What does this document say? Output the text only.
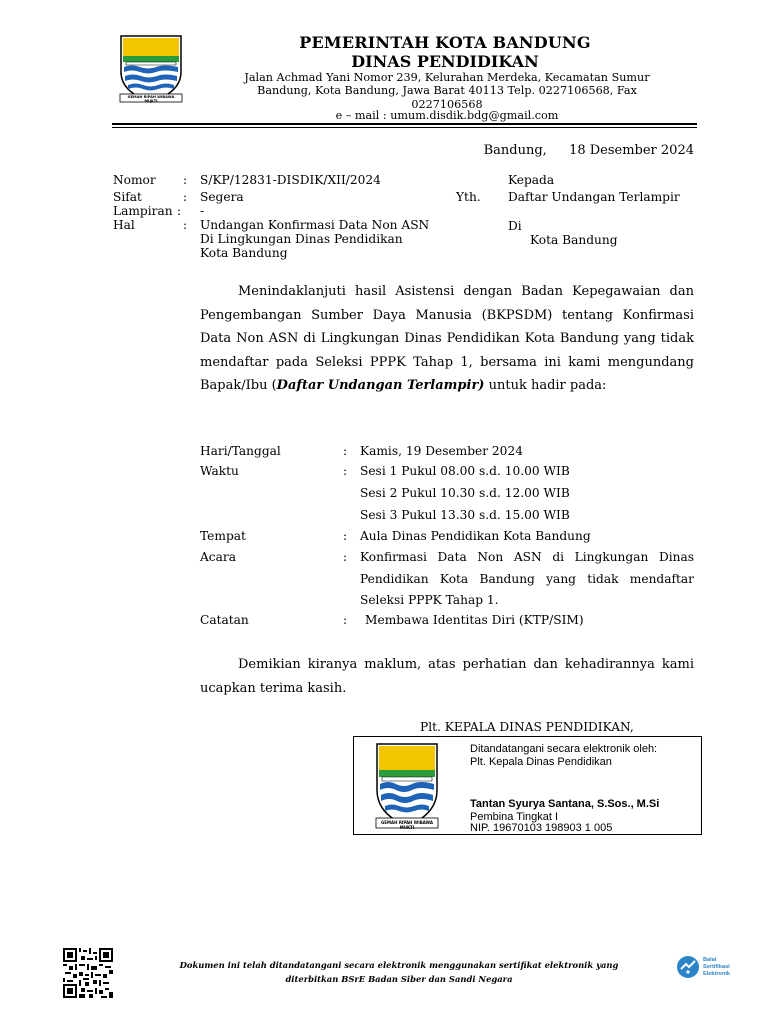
GEMAH RIPAH WIBAWA MUKTI
PEMERINTAH KOTA BANDUNG
DINAS PENDIDIKAN
Jalan Achmad Yani Nomor 239, Kelurahan Merdeka, Kecamatan Sumur
Bandung, Kota Bandung, Jawa Barat 40113 Telp. 0227106568, Fax
0227106568
e – mail : umum.disdik.bdg@gmail.com
Bandung, 18 Desember 2024
Nomor : S/KP/12831-DISDIK/XII/2024
Sifat	: Segera
Lampiran : -
Hal	: Undangan Konfirmasi Data Non ASN
Di Lingkungan Dinas Pendidikan
Kota Bandung
Kepada
Yth. Daftar Undangan Terlampir
Di
Kota Bandung

Menindaklanjuti hasil Asistensi dengan Badan Kepegawaian dan Pengembangan Sumber Daya Manusia (BKPSDM) tentang Konfirmasi Data Non ASN di Lingkungan Dinas Pendidikan Kota Bandung yang tidak mendaftar pada Seleksi PPPK Tahap 1, bersama ini kami mengundang Bapak/Ibu (Daftar Undangan Terlampir) untuk hadir pada:

Hari/Tanggal	: Kamis, 19 Desember 2024
Waktu	: Sesi 1 Pukul 08.00 s.d. 10.00 WIB
Sesi 2 Pukul 10.30 s.d. 12.00 WIB
Sesi 3 Pukul 13.30 s.d. 15.00 WIB
Tempat	: Aula Dinas Pendidikan Kota Bandung
Acara	: Konfirmasi Data Non ASN di Lingkungan Dinas Pendidikan Kota Bandung yang tidak mendaftar Seleksi PPPK Tahap 1.
Catatan	: Membawa Identitas Diri (KTP/SIM)

Demikian kiranya maklum, atas perhatian dan kehadirannya kami ucapkan terima kasih.

Plt. KEPALA DINAS PENDIDIKAN,
GEMAH RIPAH WIBAWA MUKTI
Ditandatangani secara elektronik oleh:
Plt. Kepala Dinas Pendidikan
Tantan Syurya Santana, S.Sos., M.Si
Pembina Tingkat I
NIP. 19670103 198903 1 005
Dokumen ini telah ditandatangani secara elektronik menggunakan sertifikat elektronik yang
diterbitkan BSrE Badan Siber dan Sandi Negara
Balai
Sertifikasi
Elektronik
